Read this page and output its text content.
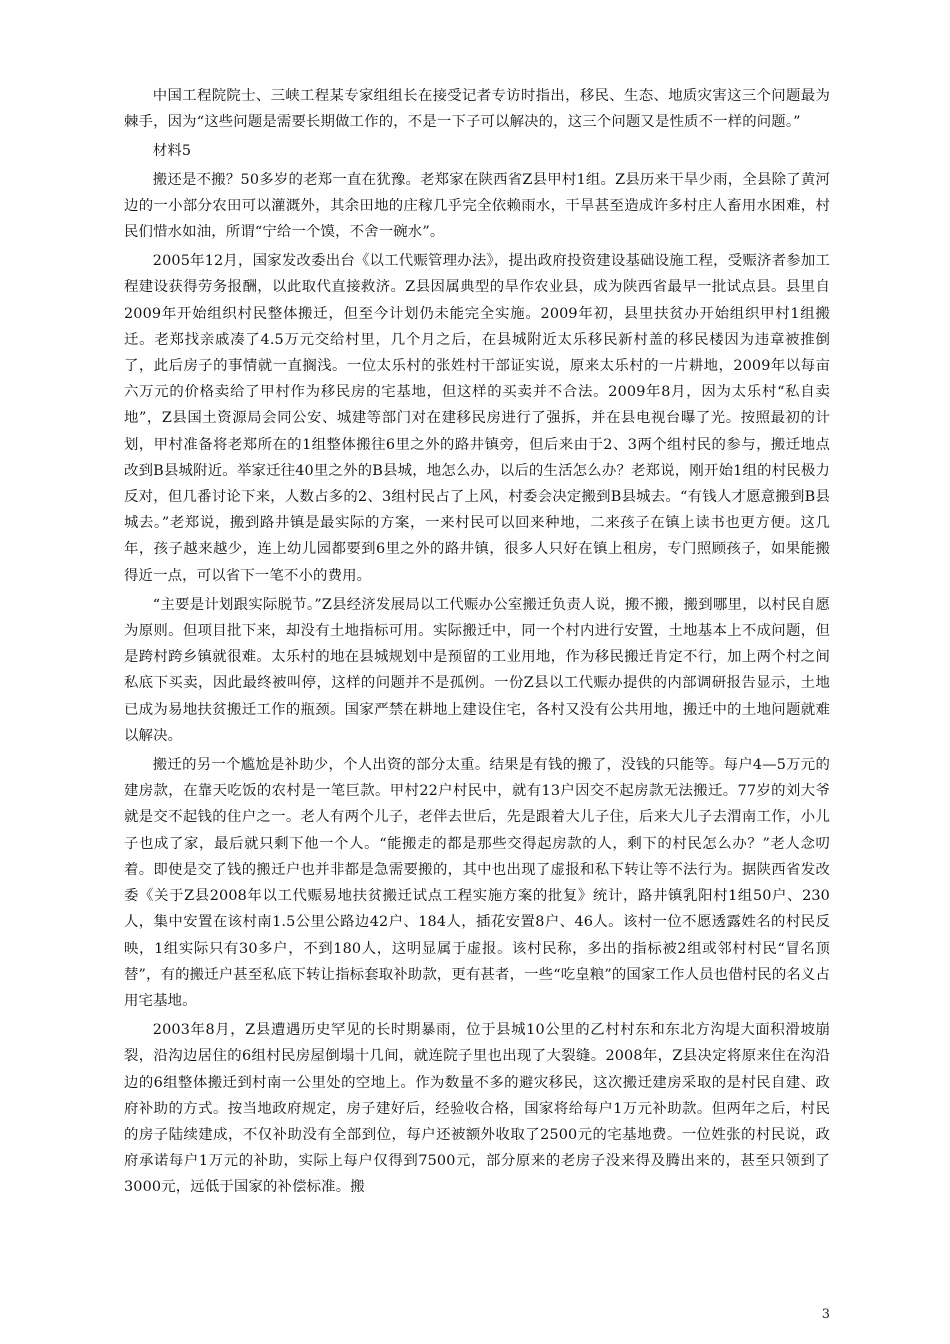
中国工程院院士、三峡工程某专家组组长在接受记者专访时指出，移民、生态、地质灾害这三个问题最为棘手，因为“这些问题是需要长期做工作的，不是一下子可以解决的，这三个问题又是性质不一样的问题。”

材料5

搬还是不搬？50多岁的老郑一直在犹豫。老郑家在陕西省Z县甲村1组。Z县历来干旱少雨，全县除了黄河边的一小部分农田可以灌溉外，其余田地的庄稼几乎完全依赖雨水，干旱甚至造成许多村庄人畜用水困难，村民们惜水如油，所谓“宁给一个馍，不舍一碗水”。

2005年12月，国家发改委出台《以工代赈管理办法》，提出政府投资建设基础设施工程，受赈济者参加工程建设获得劳务报酬，以此取代直接救济。Z县因属典型的旱作农业县，成为陕西省最早一批试点县。县里自2009年开始组织村民整体搬迁，但至今计划仍未能完全实施。2009年初，县里扶贫办开始组织甲村1组搬迁。老郑找亲戚凑了4.5万元交给村里，几个月之后，在县城附近太乐移民新村盖的移民楼因为违章被推倒了，此后房子的事情就一直搁浅。一位太乐村的张姓村干部证实说，原来太乐村的一片耕地，2009年以每亩六万元的价格卖给了甲村作为移民房的宅基地，但这样的买卖并不合法。2009年8月，因为太乐村“私自卖地”，Z县国土资源局会同公安、城建等部门对在建移民房进行了强拆，并在县电视台曝了光。按照最初的计划，甲村准备将老郑所在的1组整体搬往6里之外的路井镇旁，但后来由于2、3两个组村民的参与，搬迁地点改到B县城附近。举家迁往40里之外的B县城，地怎么办，以后的生活怎么办？老郑说，刚开始1组的村民极力反对，但几番讨论下来，人数占多的2、3组村民占了上风，村委会决定搬到B县城去。“有钱人才愿意搬到B县城去。”老郑说，搬到路井镇是最实际的方案，一来村民可以回来种地，二来孩子在镇上读书也更方便。这几年，孩子越来越少，连上幼儿园都要到6里之外的路井镇，很多人只好在镇上租房，专门照顾孩子，如果能搬得近一点，可以省下一笔不小的费用。

“主要是计划跟实际脱节。”Z县经济发展局以工代赈办公室搬迁负责人说，搬不搬，搬到哪里，以村民自愿为原则。但项目批下来，却没有土地指标可用。实际搬迁中，同一个村内进行安置，土地基本上不成问题，但是跨村跨乡镇就很难。太乐村的地在县城规划中是预留的工业用地，作为移民搬迁肯定不行，加上两个村之间私底下买卖，因此最终被叫停，这样的问题并不是孤例。一份Z县以工代赈办提供的内部调研报告显示，土地已成为易地扶贫搬迁工作的瓶颈。国家严禁在耕地上建设住宅，各村又没有公共用地，搬迁中的土地问题就难以解决。

搬迁的另一个尴尬是补助少，个人出资的部分太重。结果是有钱的搬了，没钱的只能等。每户4—5万元的建房款，在靠天吃饭的农村是一笔巨款。甲村22户村民中，就有13户因交不起房款无法搬迁。77岁的刘大爷就是交不起钱的住户之一。老人有两个儿子，老伴去世后，先是跟着大儿子住，后来大儿子去渭南工作，小儿子也成了家，最后就只剩下他一个人。“能搬走的都是那些交得起房款的人，剩下的村民怎么办？”老人念叨着。即使是交了钱的搬迁户也并非都是急需要搬的，其中也出现了虚报和私下转让等不法行为。据陕西省发改委《关于Z县2008年以工代赈易地扶贫搬迁试点工程实施方案的批复》统计，路井镇乳阳村1组50户、230人，集中安置在该村南1.5公里公路边42户、184人，插花安置8户、46人。该村一位不愿透露姓名的村民反映，1组实际只有30多户，不到180人，这明显属于虚报。该村民称，多出的指标被2组或邻村村民“冒名顶替”，有的搬迁户甚至私底下转让指标套取补助款，更有甚者，一些“吃皇粮”的国家工作人员也借村民的名义占用宅基地。

2003年8月，Z县遭遇历史罕见的长时期暴雨，位于县城10公里的乙村村东和东北方沟堤大面积滑坡崩裂，沿沟边居住的6组村民房屋倒塌十几间，就连院子里也出现了大裂缝。2008年，Z县决定将原来住在沟沿边的6组整体搬迁到村南一公里处的空地上。作为数量不多的避灾移民，这次搬迁建房采取的是村民自建、政府补助的方式。按当地政府规定，房子建好后，经验收合格，国家将给每户1万元补助款。但两年之后，村民的房子陆续建成，不仅补助没有全部到位，每户还被额外收取了2500元的宅基地费。一位姓张的村民说，政府承诺每户1万元的补助，实际上每户仅得到7500元，部分原来的老房子没来得及腾出来的，甚至只领到了3000元，远低于国家的补偿标准。搬

3
